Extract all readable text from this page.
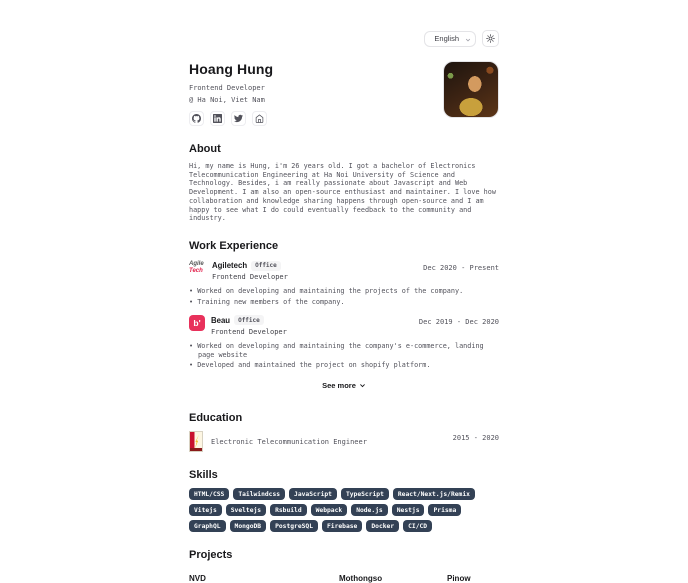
English
Hoang Hung

Frontend Developer

@ Ha Noi, Viet Nam

About

Hi, my name is Hung, i'm 26 years old. I got a bachelor of Electronics Telecommunication Engineering at Ha Noi University of Science and Technology. Besides, i am really passionate about Javascript and Web Development. I am also an open-source enthusiast and maintainer. I love how collaboration and knowledge sharing happens through open-source and I am happy to see what I do could eventually feedback to the community and industry.

Work Experience
Agile
Tech
Agiletech	Office
Frontend Developer
Dec 2020 - Present
• Worked on developing and maintaining the projects of the company.
• Training new members of the company.
b' Beau	Office
Frontend Developer
Dec 2019 - Dec 2020
• Worked on developing and maintaining the company's e-commerce, landing page website
• Developed and maintained the project on shopify platform.
See more
Education
Electronic Telecommunication Engineer	2015 - 2020
Skills
HTML/CSS	Tailwindcss	JavaScript	TypeScript	React/Next.js/Remix
Vitejs	Sveltejs	Rsbuild	Webpack	Node.js	Nestjs	Prisma
GraphQL	MongoDB	PostgreSQL	Firebase	Docker	CI/CD
Projects
NVD	Mothongso	Pinow
